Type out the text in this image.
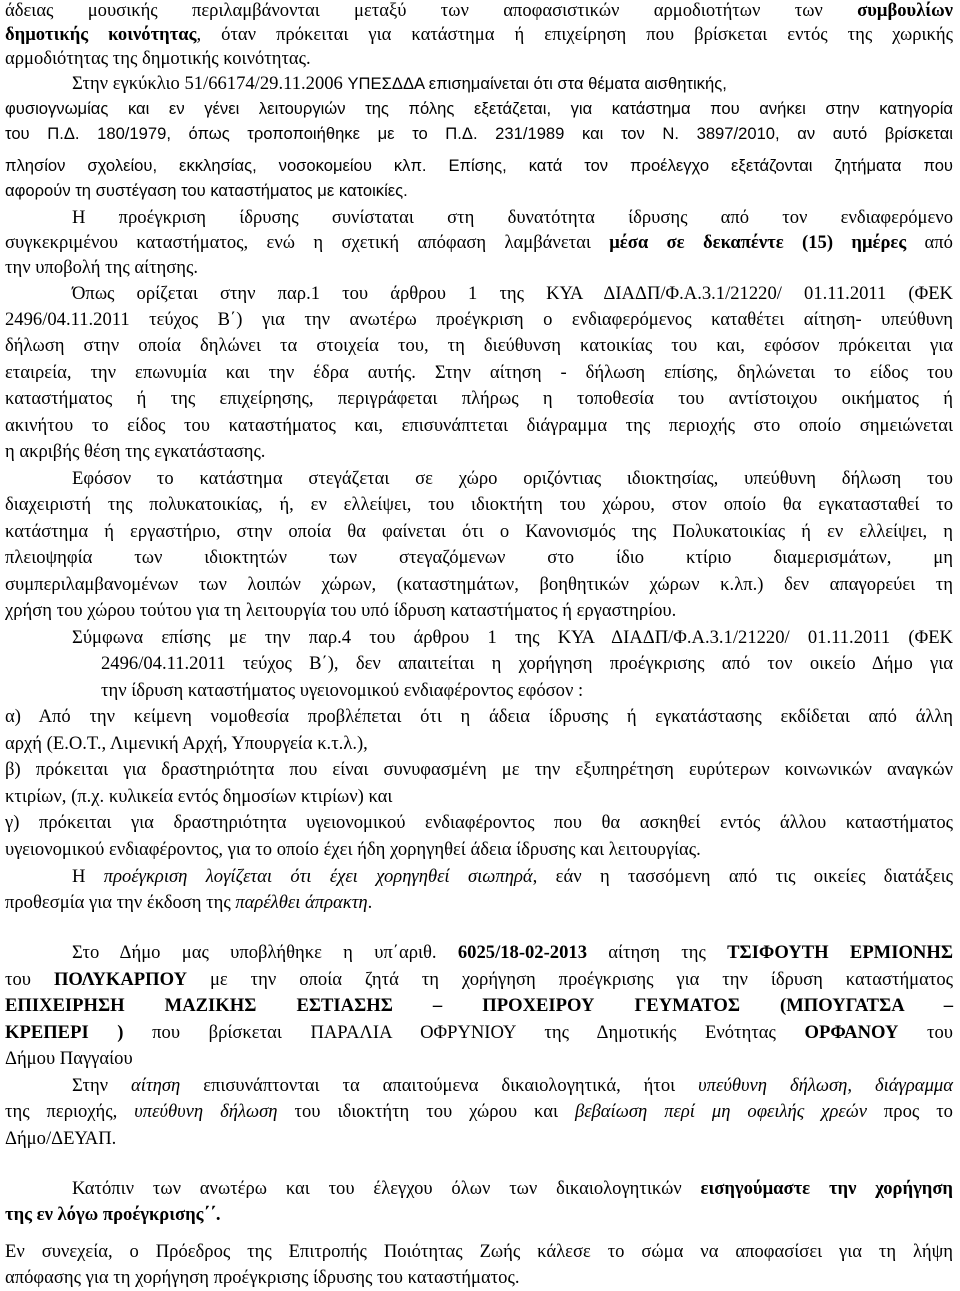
άδειας μουσικής περιλαμβάνονται μεταξύ των αποφασιστικών αρμοδιοτήτων των συμβουλίων
δημοτικής κοινότητας, όταν πρόκειται για κατάστημα ή επιχείρηση που βρίσκεται εντός της χωρικής
αρμοδιότητας της δημοτικής κοινότητας.
Στην εγκύκλιο 51/66174/29.11.2006 ΥΠΕΣΔΔΑ επισημαίνεται ότι στα θέματα αισθητικής,
φυσιογνωμίας και εν γένει λειτουργιών της πόλης εξετάζεται, για κατάστημα που ανήκει στην κατηγορία
του Π.Δ. 180/1979, όπως τροποποιήθηκε με το Π.Δ. 231/1989 και τον Ν. 3897/2010, αν αυτό βρίσκεται
πλησίον σχολείου, εκκλησίας, νοσοκομείου κλπ. Επίσης, κατά τον προέλεγχο εξετάζονται ζητήματα που
αφορούν τη συστέγαση του καταστήματος με κατοικίες.
Η προέγκριση ίδρυσης συνίσταται στη δυνατότητα ίδρυσης από τον ενδιαφερόμενο
συγκεκριμένου καταστήματος, ενώ η σχετική απόφαση λαμβάνεται μέσα σε δεκαπέντε (15) ημέρες από
την υποβολή της αίτησης.
Όπως ορίζεται στην παρ.1 του άρθρου 1 της ΚΥΑ ΔΙΑΔΠ/Φ.Α.3.1/21220/ 01.11.2011 (ΦΕΚ
2496/04.11.2011 τεύχος Β΄) για την ανωτέρω προέγκριση ο ενδιαφερόμενος καταθέτει αίτηση- υπεύθυνη
δήλωση στην οποία δηλώνει τα στοιχεία του, τη διεύθυνση κατοικίας του και, εφόσον πρόκειται για
εταιρεία, την επωνυμία και την έδρα αυτής. Στην αίτηση - δήλωση επίσης, δηλώνεται το είδος του
καταστήματος ή της επιχείρησης, περιγράφεται πλήρως η τοποθεσία του αντίστοιχου οικήματος ή
ακινήτου το είδος του καταστήματος και, επισυνάπτεται διάγραμμα της περιοχής στο οποίο σημειώνεται
η ακριβής θέση της εγκατάστασης.
Εφόσον το κατάστημα στεγάζεται σε χώρο οριζόντιας ιδιοκτησίας, υπεύθυνη δήλωση του
διαχειριστή της πολυκατοικίας, ή, εν ελλείψει, του ιδιοκτήτη του χώρου, στον οποίο θα εγκατασταθεί το
κατάστημα ή εργαστήριο, στην οποία θα φαίνεται ότι ο Κανονισμός της Πολυκατοικίας ή εν ελλείψει, η
πλειοψηφία των ιδιοκτητών των στεγαζόμενων στο ίδιο κτίριο διαμερισμάτων, μη
συμπεριλαμβανομένων των λοιπών χώρων, (καταστημάτων, βοηθητικών χώρων κ.λπ.) δεν απαγορεύει τη
χρήση του χώρου τούτου για τη λειτουργία του υπό ίδρυση καταστήματος ή εργαστηρίου.
Σύμφωνα επίσης με την παρ.4 του άρθρου 1 της ΚΥΑ ΔΙΑΔΠ/Φ.Α.3.1/21220/ 01.11.2011 (ΦΕΚ
2496/04.11.2011 τεύχος Β΄), δεν απαιτείται η χορήγηση προέγκρισης από τον οικείο Δήμο για
την ίδρυση καταστήματος υγειονομικού ενδιαφέροντος εφόσον :
α) Από την κείμενη νομοθεσία προβλέπεται ότι η άδεια ίδρυσης ή εγκατάστασης εκδίδεται από άλλη
αρχή (Ε.Ο.Τ., Λιμενική Αρχή, Υπουργεία κ.τ.λ.),
β) πρόκειται για δραστηριότητα που είναι συνυφασμένη με την εξυπηρέτηση ευρύτερων κοινωνικών αναγκών
κτιρίων, (π.χ. κυλικεία εντός δημοσίων κτιρίων) και
γ) πρόκειται για δραστηριότητα υγειονομικού ενδιαφέροντος που θα ασκηθεί εντός άλλου καταστήματος
υγειονομικού ενδιαφέροντος, για το οποίο έχει ήδη χορηγηθεί άδεια ίδρυσης και λειτουργίας.
Η προέγκριση λογίζεται ότι έχει χορηγηθεί σιωπηρά, εάν η τασσόμενη από τις οικείες διατάξεις
προθεσμία για την έκδοση της παρέλθει άπρακτη.
Στο Δήμο μας υποβλήθηκε η υπ΄αριθ. 6025/18-02-2013 αίτηση της ΤΣΙΦΟΥΤΗ ΕΡΜΙΟΝΗΣ
του ΠΟΛΥΚΑΡΠΟΥ με την οποία ζητά τη χορήγηση προέγκρισης για την ίδρυση καταστήματος
ΕΠΙΧΕΙΡΗΣΗ ΜΑΖΙΚΗΣ ΕΣΤΙΑΣΗΣ – ΠΡΟΧΕΙΡΟΥ ΓΕΥΜΑΤΟΣ (ΜΠΟΥΓΑΤΣΑ –
ΚΡΕΠΕΡΙ ) που βρίσκεται ΠΑΡΑΛΙΑ ΟΦΡΥΝΙΟΥ της Δημοτικής Ενότητας ΟΡΦΑΝΟΥ του
Δήμου Παγγαίου
Στην αίτηση επισυνάπτονται τα απαιτούμενα δικαιολογητικά, ήτοι υπεύθυνη δήλωση, διάγραμμα
της περιοχής, υπεύθυνη δήλωση του ιδιοκτήτη του χώρου και βεβαίωση περί μη οφειλής χρεών προς το
Δήμο/ΔΕΥΑΠ.
Κατόπιν των ανωτέρω και του έλεγχου όλων των δικαιολογητικών εισηγούμαστε την χορήγηση
της εν λόγω προέγκρισης΄΄.
Εν συνεχεία, ο Πρόεδρος της Επιτροπής Ποιότητας Ζωής κάλεσε το σώμα να αποφασίσει για τη λήψη
απόφασης για τη χορήγηση προέγκρισης ίδρυσης του καταστήματος.
